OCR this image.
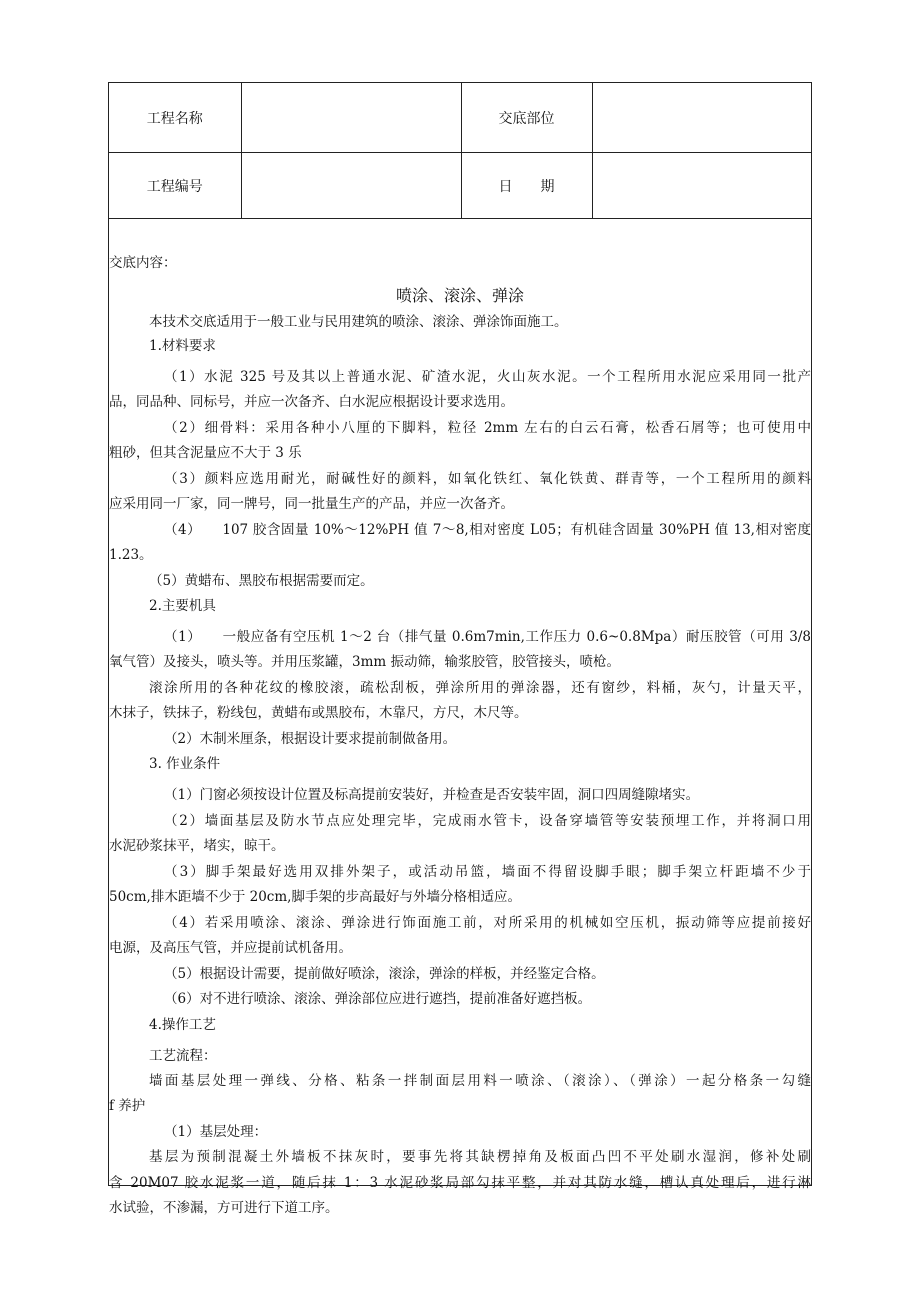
工程名称		交底部位	
工程编号		日　　期	
交底内容：
喷涂、滚涂、弹涂
本技术交底适用于一般工业与民用建筑的喷涂、滚涂、弹涂饰面施工。
1.材料要求
（1）水泥 325 号及其以上普通水泥、矿渣水泥，火山灰水泥。一个工程所用水泥应采用同一批产
品，同品种、同标号，并应一次备齐、白水泥应根据设计要求选用。
（2）细骨料：采用各种小八厘的下脚料，粒径 2mm 左右的白云石膏，松香石屑等；也可使用中
粗砂，但其含泥量应不大于 3 乐
（3）颜料应选用耐光，耐碱性好的颜料，如氧化铁红、氧化铁黄、群青等，一个工程所用的颜料
应采用同一厂家，同一牌号，同一批量生产的产品，并应一次备齐。
（4）　　107 胶含固量 10%～12%PH 值 7～8,相对密度 L05；有机硅含固量 30%PH 值 13,相对密度
1.23。
（5）黄蜡布、黑胶布根据需要而定。
2.主要机具
（1）　　一般应备有空压机 1～2 台（排气量 0.6m7min,工作压力 0.6~0.8Mpa）耐压胶管（可用 3/8
氧气管）及接头，喷头等。并用压浆罐，3mm 振动筛，输浆胶管，胶管接头，喷枪。
滚涂所用的各种花纹的橡胶滚，疏松刮板，弹涂所用的弹涂器，还有窗纱，料桶，灰勺，计量天平，
木抹子，铁抹子，粉线包，黄蜡布或黑胶布，木靠尺，方尺，木尺等。
（2）木制米厘条，根据设计要求提前制做备用。
3. 作业条件
（1）门窗必须按设计位置及标高提前安装好，并检查是否安装牢固，洞口四周缝隙堵实。
（2）墙面基层及防水节点应处理完毕，完成雨水管卡，设备穿墙管等安装预埋工作，并将洞口用
水泥砂浆抹平，堵实，晾干。
（3）脚手架最好选用双排外架子，或活动吊篮，墙面不得留设脚手眼；脚手架立杆距墙不少于
50cm,排木距墙不少于 20cm,脚手架的步高最好与外墙分格相适应。
（4）若采用喷涂、滚涂、弹涂进行饰面施工前，对所采用的机械如空压机，振动筛等应提前接好
电源，及高压气管，并应提前试机备用。
（5）根据设计需要，提前做好喷涂，滚涂，弹涂的样板，并经鉴定合格。
（6）对不进行喷涂、滚涂、弹涂部位应进行遮挡，提前准备好遮挡板。
4.操作工艺
工艺流程：
墙面基层处理一弹线、分格、粘条一拌制面层用料一喷涂、（滚涂）、（弹涂）一起分格条一勾缝
f 养护
（1）基层处理：
基层为预制混凝土外墙板不抹灰时，要事先将其缺楞掉角及板面凸凹不平处刷水湿润，修补处刷
含 20M07 胶水泥浆一道，随后抹 1：3 水泥砂浆局部勾抹平整，并对其防水缝，槽认真处理后，进行淋
水试验，不渗漏，方可进行下道工序。
